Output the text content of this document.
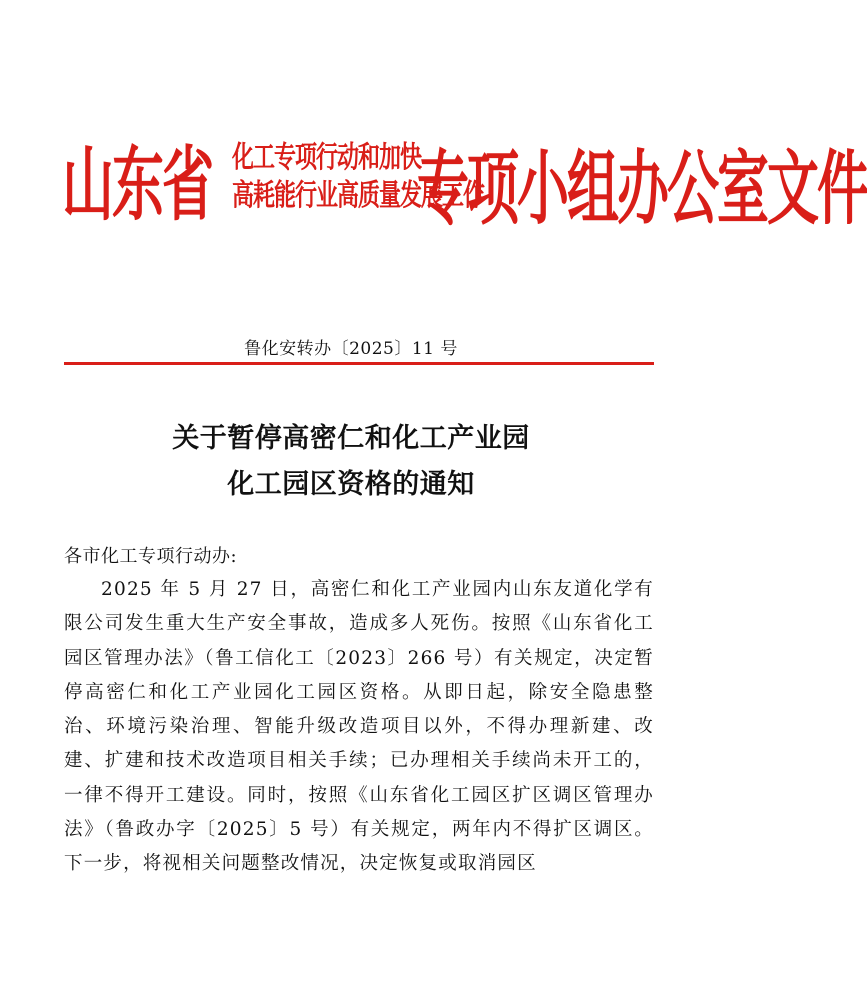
山东省 化工专项行动和加快
高耗能行业高质量发展工作
专项小组办公室文件
鲁化安转办〔2025〕11 号
关于暂停高密仁和化工产业园
化工园区资格的通知
各市化工专项行动办:
2025 年 5 月 27 日，高密仁和化工产业园内山东友道化学有限公司发生重大生产安全事故，造成多人死伤。按照《山东省化工园区管理办法》（鲁工信化工〔2023〕266 号）有关规定，决定暂停高密仁和化工产业园化工园区资格。从即日起，除安全隐患整治、环境污染治理、智能升级改造项目以外，不得办理新建、改建、扩建和技术改造项目相关手续；已办理相关手续尚未开工的，一律不得开工建设。同时，按照《山东省化工园区扩区调区管理办法》（鲁政办字〔2025〕5 号）有关规定，两年内不得扩区调区。下一步，将视相关问题整改情况，决定恢复或取消园区
